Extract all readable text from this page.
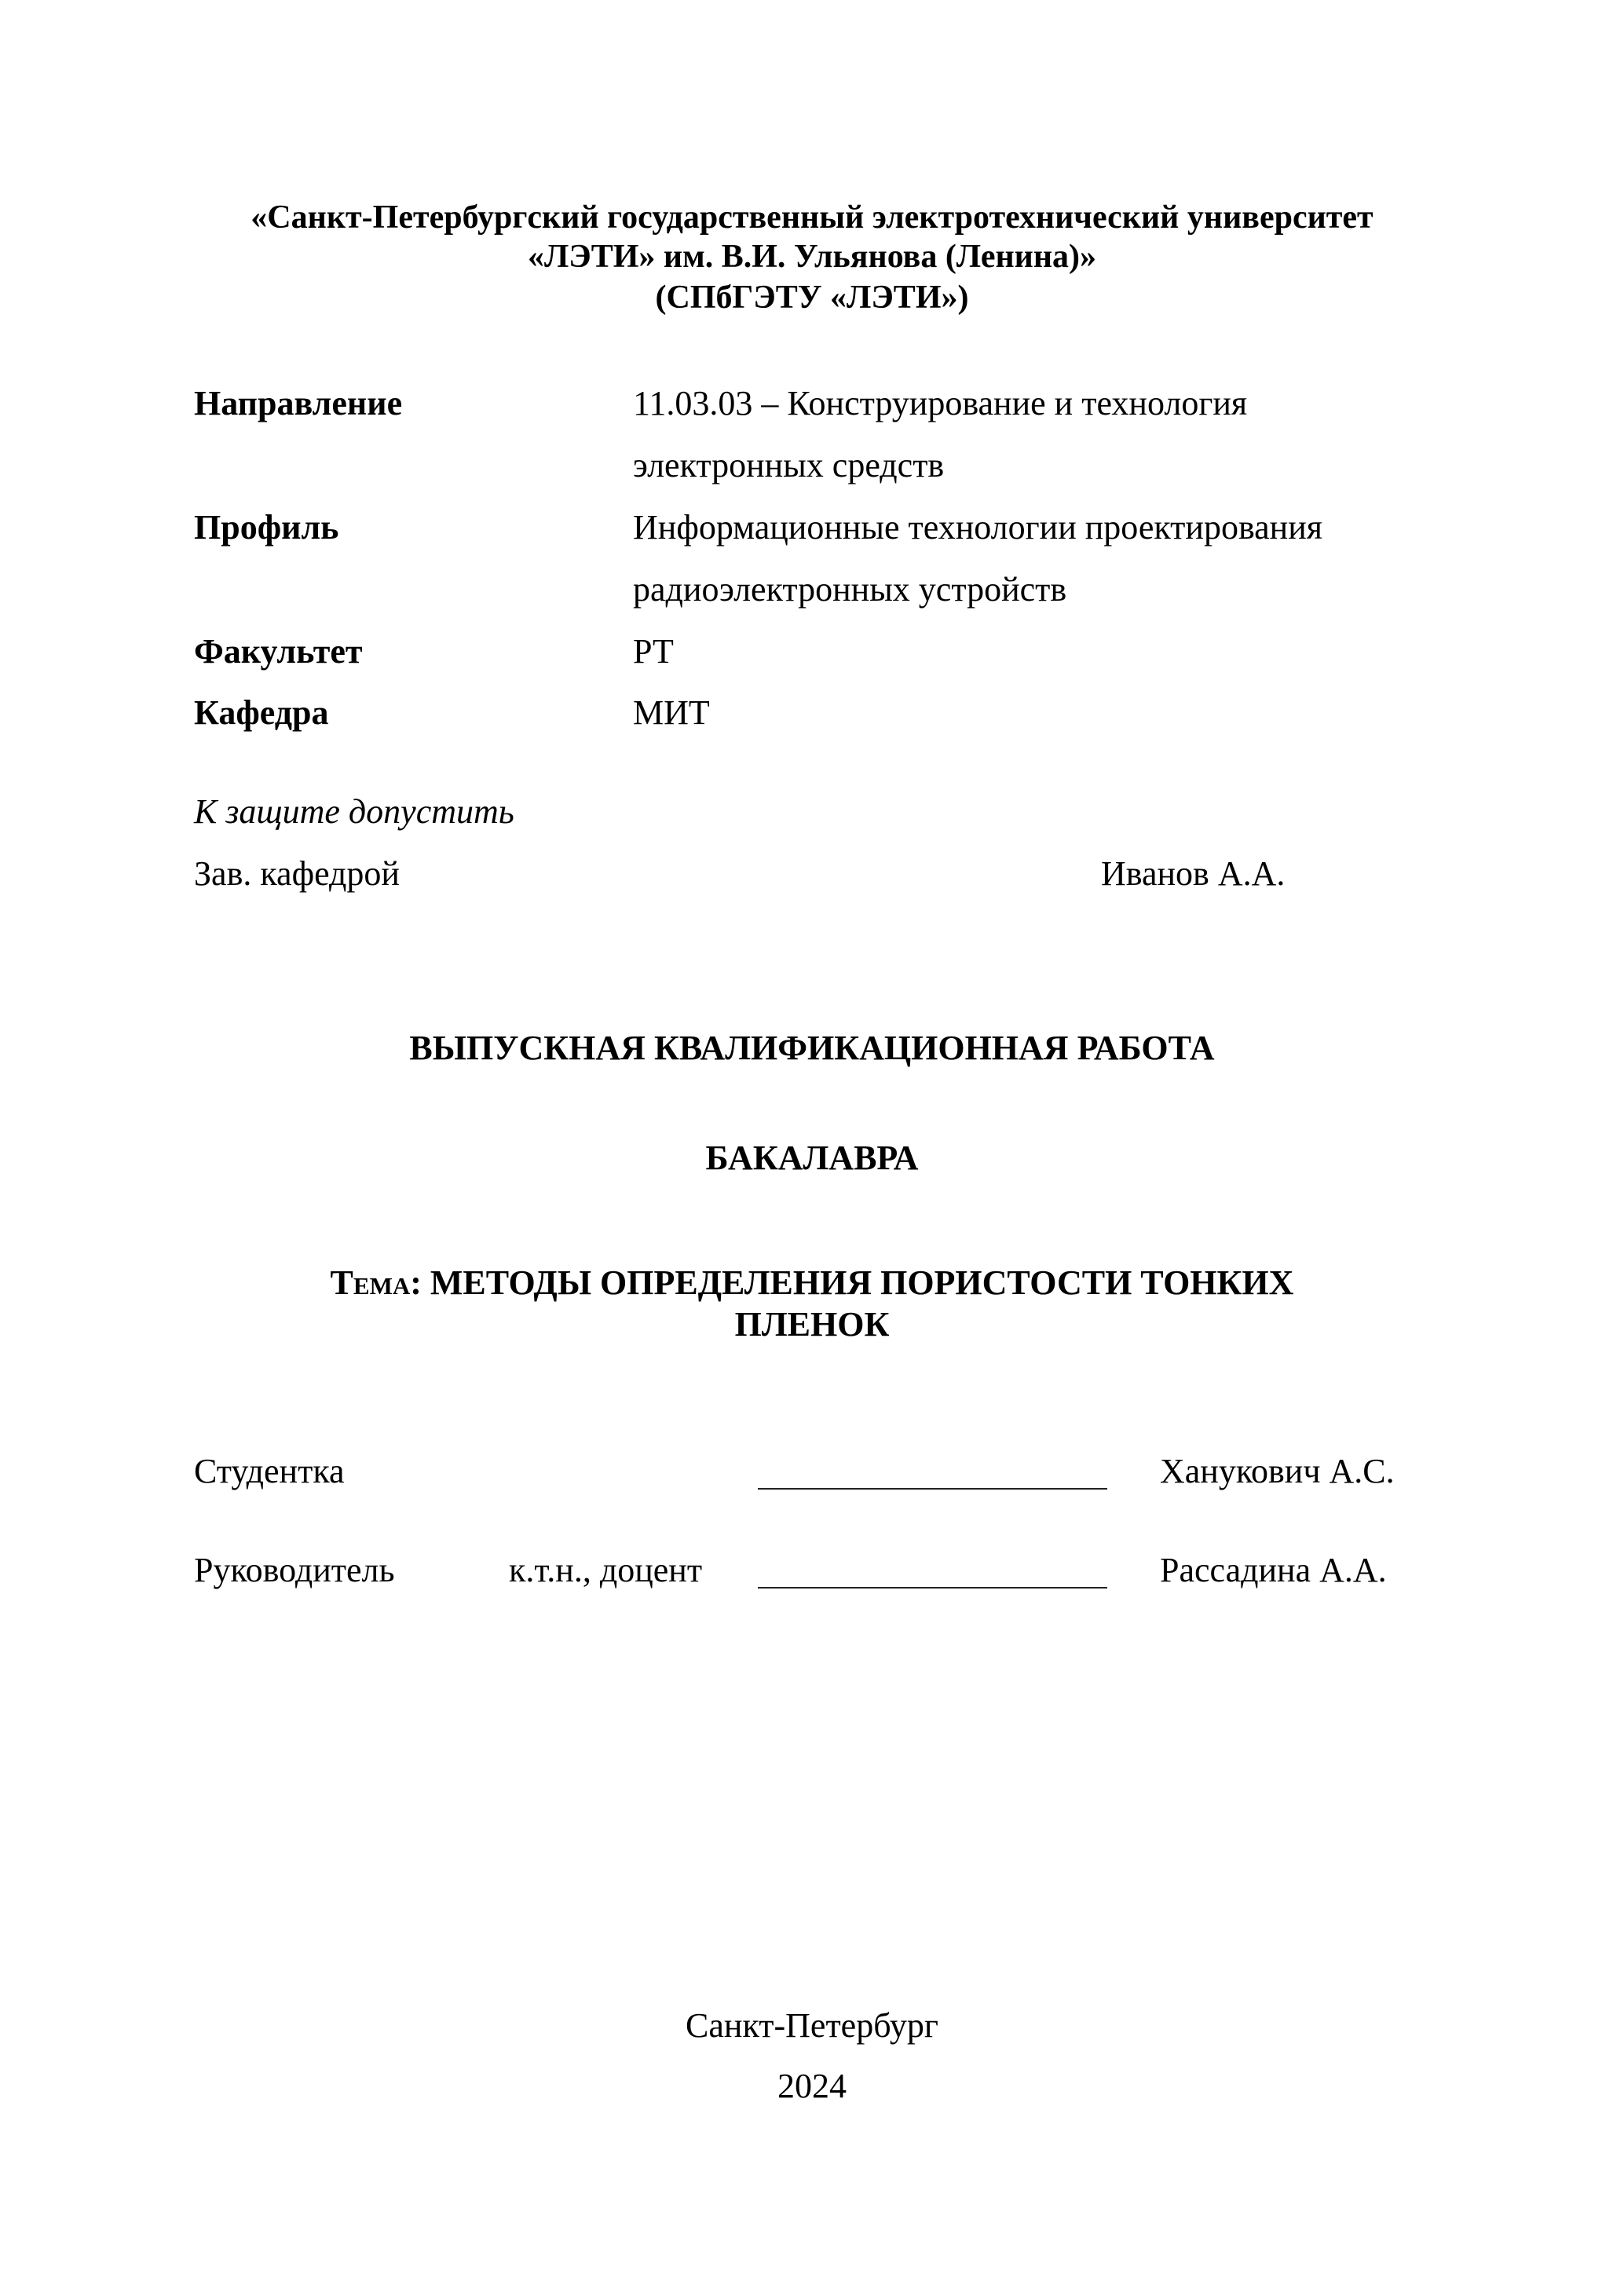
«Санкт-Петербургский государственный электротехнический университет
«ЛЭТИ» им. В.И. Ульянова (Ленина)»
(СПбГЭТУ «ЛЭТИ»)
Направление	11.03.03 – Конструирование и технология
электронных средств
Профиль	Информационные технологии проектирования
радиоэлектронных устройств
Факультет	РТ
Кафедра	МИТ
К защите допустить
Зав. кафедрой	Иванов А.А.
ВЫПУСКНАЯ КВАЛИФИКАЦИОННАЯ РАБОТА
БАКАЛАВРА
Тема: МЕТОДЫ ОПРЕДЕЛЕНИЯ ПОРИСТОСТИ ТОНКИХ
ПЛЕНОК
Студентка	Ханукович А.С.
Руководитель	к.т.н., доцент	Рассадина А.А.
Санкт-Петербург
2024
